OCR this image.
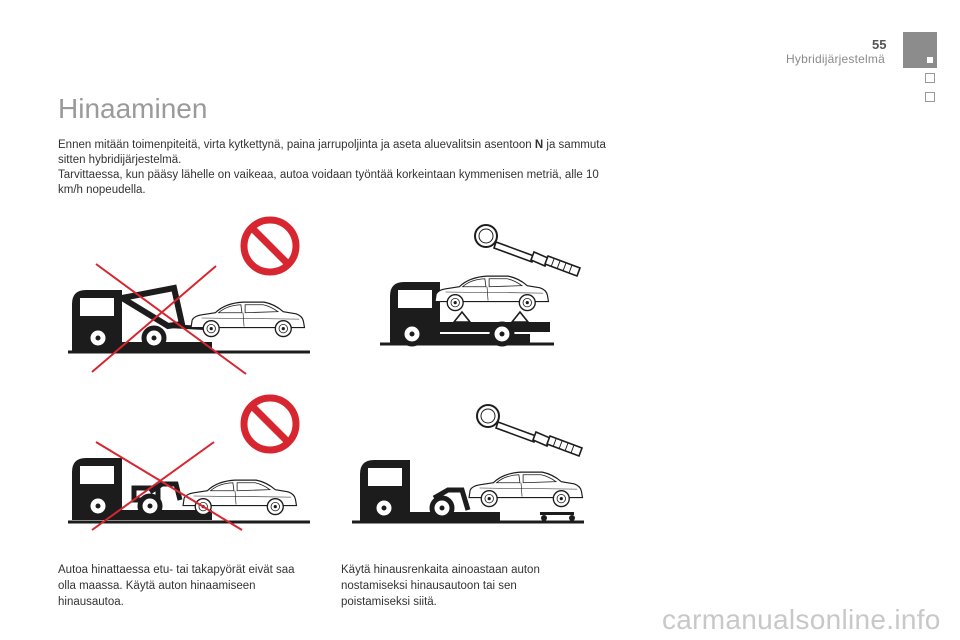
55
Hybridijärjestelmä
Hinaaminen

Ennen mitään toimenpiteitä, virta kytkettynä, paina jarrupoljinta ja aseta aluevalitsin asentoon N ja sammuta sitten hybridijärjestelmä.

Tarvittaessa, kun pääsy lähelle on vaikeaa, autoa voidaan työntää korkeintaan kymmenisen metriä, alle 10 km/h nopeudella.

Autoa hinattaessa etu- tai takapyörät eivät saa olla maassa. Käytä auton hinaamiseen hinausautoa.
Käytä hinausrenkaita ainoastaan auton nostamiseksi hinausautoon tai sen poistamiseksi siitä.
carmanualsonline.info
